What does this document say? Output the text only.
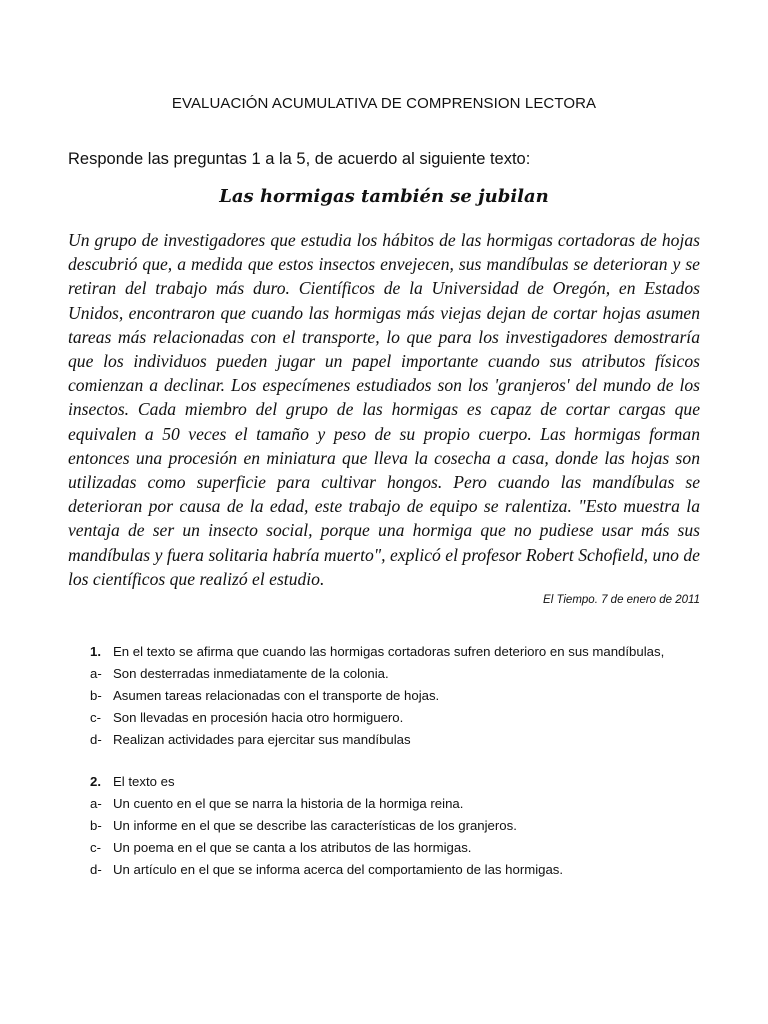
EVALUACIÓN ACUMULATIVA DE COMPRENSION LECTORA
Responde las preguntas 1 a la 5, de acuerdo al siguiente texto:
Las hormigas también se jubilan

Un grupo de investigadores que estudia los hábitos de las hormigas cortadoras de hojas descubrió que, a medida que estos insectos envejecen, sus mandíbulas se deterioran y se retiran del trabajo más duro. Científicos de la Universidad de Oregón, en Estados Unidos, encontraron que cuando las hormigas más viejas dejan de cortar hojas asumen tareas más relacionadas con el transporte, lo que para los investigadores demostraría que los individuos pueden jugar un papel importante cuando sus atributos físicos comienzan a declinar. Los especímenes estudiados son los 'granjeros' del mundo de los insectos. Cada miembro del grupo de las hormigas es capaz de cortar cargas que equivalen a 50 veces el tamaño y peso de su propio cuerpo. Las hormigas forman entonces una procesión en miniatura que lleva la cosecha a casa, donde las hojas son utilizadas como superficie para cultivar hongos. Pero cuando las mandíbulas se deterioran por causa de la edad, este trabajo de equipo se ralentiza. "Esto muestra la ventaja de ser un insecto social, porque una hormiga que no pudiese usar más sus mandíbulas y fuera solitaria habría muerto", explicó el profesor Robert Schofield, uno de los científicos que realizó el estudio.

El Tiempo. 7 de enero de 2011
1. En el texto se afirma que cuando las hormigas cortadoras sufren deterioro en sus mandíbulas,
a- Son desterradas inmediatamente de la colonia.
b- Asumen tareas relacionadas con el transporte de hojas.
c- Son llevadas en procesión hacia otro hormiguero.
d- Realizan actividades para ejercitar sus mandíbulas
2. El texto es
a- Un cuento en el que se narra la historia de la hormiga reina.
b- Un informe en el que se describe las características de los granjeros.
c- Un poema en el que se canta a los atributos de las hormigas.
d- Un artículo en el que se informa acerca del comportamiento de las hormigas.
